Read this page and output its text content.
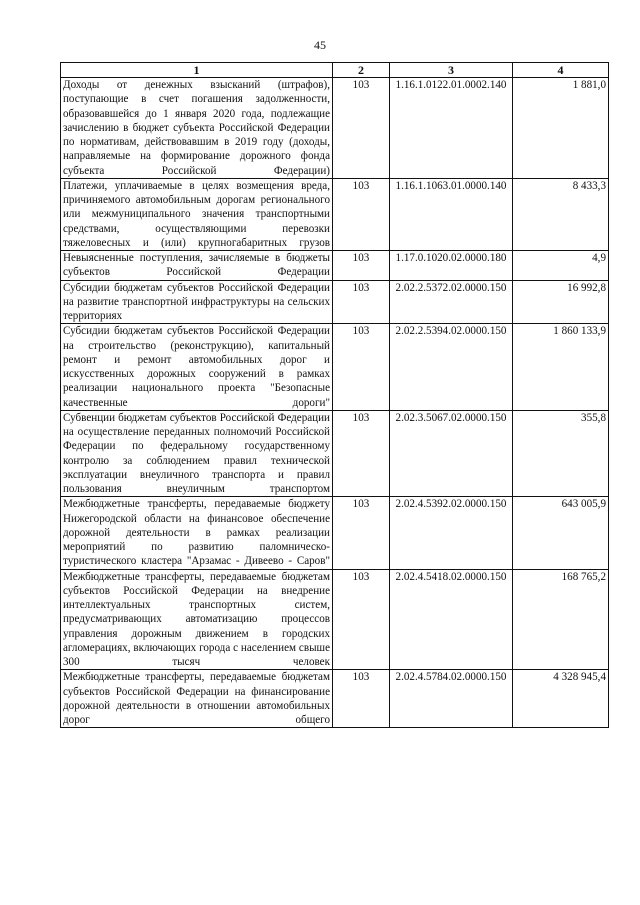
45
1	2	3	4
Доходы от денежных взысканий (штрафов), поступающие в счет погашения задолженности, образовавшейся до 1 января 2020 года, подлежащие зачислению в бюджет субъекта Российской Федерации по нормативам, действовавшим в 2019 году (доходы, направляемые на формирование дорожного фонда субъекта Российской Федерации)	103	1.16.1.0122.01.0002.140	1 881,0
Платежи, уплачиваемые в целях возмещения вреда, причиняемого автомобильным дорогам регионального или межмуниципального значения транспортными средствами, осуществляющими перевозки тяжеловесных и (или) крупногабаритных грузов	103	1.16.1.1063.01.0000.140	8 433,3
Невыясненные поступления, зачисляемые в бюджеты субъектов Российской Федерации	103	1.17.0.1020.02.0000.180	4,9
Субсидии бюджетам субъектов Российской Федерации на развитие транспортной инфраструктуры на сельских территориях	103	2.02.2.5372.02.0000.150	16 992,8
Субсидии бюджетам субъектов Российской Федерации на строительство (реконструкцию), капитальный ремонт и ремонт автомобильных дорог и искусственных дорожных сооружений в рамках реализации национального проекта "Безопасные качественные дороги"	103	2.02.2.5394.02.0000.150	1 860 133,9
Субвенции бюджетам субъектов Российской Федерации на осуществление переданных полномочий Российской Федерации по федеральному государственному контролю за соблюдением правил технической эксплуатации внеуличного транспорта и правил пользования внеуличным транспортом	103	2.02.3.5067.02.0000.150	355,8
Межбюджетные трансферты, передаваемые бюджету Нижегородской области на финансовое обеспечение дорожной деятельности в рамках реализации мероприятий по развитию паломническо-туристического кластера "Арзамас - Дивеево - Саров"	103	2.02.4.5392.02.0000.150	643 005,9
Межбюджетные трансферты, передаваемые бюджетам субъектов Российской Федерации на внедрение интеллектуальных транспортных систем, предусматривающих автоматизацию процессов управления дорожным движением в городских агломерациях, включающих города с населением свыше 300 тысяч человек	103	2.02.4.5418.02.0000.150	168 765,2
Межбюджетные трансферты, передаваемые бюджетам субъектов Российской Федерации на финансирование дорожной деятельности в отношении автомобильных дорог общего	103	2.02.4.5784.02.0000.150	4 328 945,4
